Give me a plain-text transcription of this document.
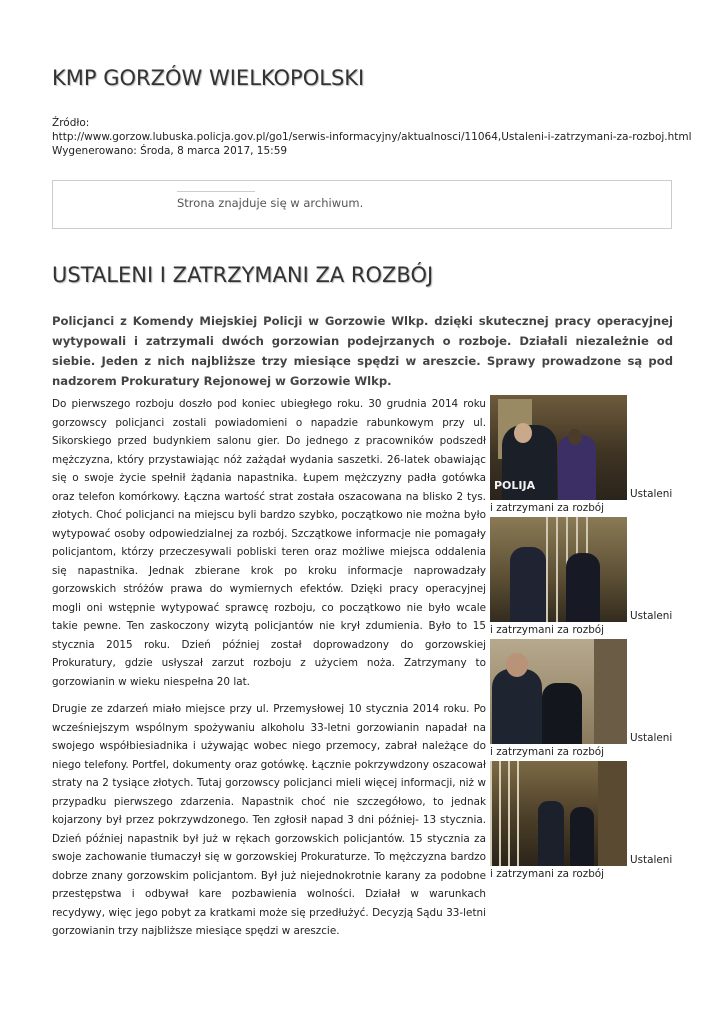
KMP GORZÓW WIELKOPOLSKI
Źródło:
http://www.gorzow.lubuska.policja.gov.pl/go1/serwis-informacyjny/aktualnosci/11064,Ustaleni-i-zatrzymani-za-rozboj.html
Wygenerowano: Środa, 8 marca 2017, 15:59
Strona znajduje się w archiwum.
USTALENI I ZATRZYMANI ZA ROZBÓJ

Policjanci z Komendy Miejskiej Policji w Gorzowie Wlkp. dzięki skutecznej pracy operacyjnej wytypowali i zatrzymali dwóch gorzowian podejrzanych o rozboje. Działali niezależnie od siebie. Jeden z nich najbliższe trzy miesiące spędzi w areszcie. Sprawy prowadzone są pod nadzorem Prokuratury Rejonowej w Gorzowie Wlkp.

Do pierwszego rozboju doszło pod koniec ubiegłego roku. 30 grudnia 2014 roku gorzowscy policjanci zostali powiadomieni o napadzie rabunkowym przy ul. Sikorskiego przed budynkiem salonu gier. Do jednego z pracowników podszedł mężczyzna, który przystawiając nóż zażądał wydania saszetki. 26-latek obawiając się o swoje życie spełnił żądania napastnika. Łupem mężczyzny padła gotówka oraz telefon komórkowy. Łączna wartość strat została oszacowana na blisko 2 tys. złotych. Choć policjanci na miejscu byli bardzo szybko, początkowo nie można było wytypować osoby odpowiedzialnej za rozbój. Szczątkowe informacje nie pomagały policjantom, którzy przeczesywali pobliski teren oraz możliwe miejsca oddalenia się napastnika. Jednak zbierane krok po kroku informacje naprowadzały gorzowskich stróżów prawa do wymiernych efektów. Dzięki pracy operacyjnej mogli oni wstępnie wytypować sprawcę rozboju, co początkowo nie było wcale takie pewne. Ten zaskoczony wizytą policjantów nie krył zdumienia. Było to 15 stycznia 2015 roku. Dzień później został doprowadzony do gorzowskiej Prokuratury, gdzie usłyszał zarzut rozboju z użyciem noża. Zatrzymany to gorzowianin w wieku niespełna 20 lat.

Drugie ze zdarzeń miało miejsce przy ul. Przemysłowej 10 stycznia 2014 roku. Po wcześniejszym wspólnym spożywaniu alkoholu 33-letni gorzowianin napadał na swojego współbiesiadnika i używając wobec niego przemocy, zabrał należące do niego telefony. Portfel, dokumenty oraz gotówkę. Łącznie pokrzywdzony oszacował straty na 2 tysiące złotych. Tutaj gorzowscy policjanci mieli więcej informacji, niż w przypadku pierwszego zdarzenia. Napastnik choć nie szczegółowo, to jednak kojarzony był przez pokrzywdzonego. Ten zgłosił napad 3 dni później- 13 stycznia. Dzień później napastnik był już w rękach gorzowskich policjantów. 15 stycznia za swoje zachowanie tłumaczył się w gorzowskiej Prokuraturze. To mężczyzna bardzo dobrze znany gorzowskim policjantom. Był już niejednokrotnie karany za podobne przestępstwa i odbywał kare pozbawienia wolności. Działał w warunkach recydywy, więc jego pobyt za kratkami może się przedłużyć. Decyzją Sądu 33-letni gorzowianin trzy najbliższe miesiące spędzi w areszcie.

POLIJA
Ustaleni
i zatrzymani za rozbój
Ustaleni
i zatrzymani za rozbój
Ustaleni
i zatrzymani za rozbój
Ustaleni
i zatrzymani za rozbój
